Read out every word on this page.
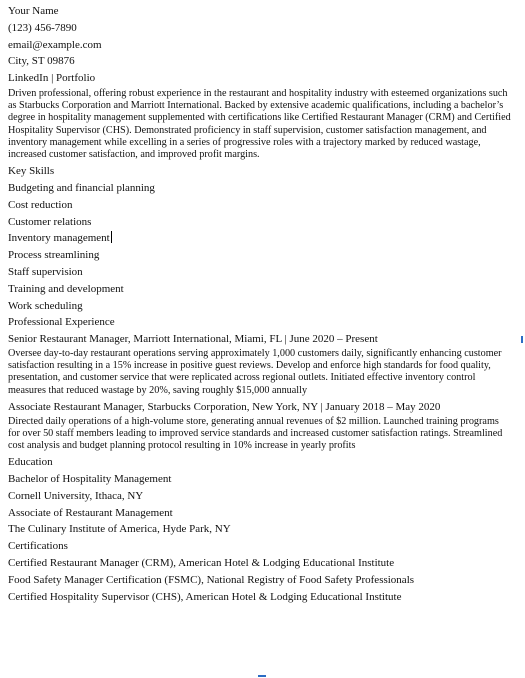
Your Name
(123) 456-7890
email@example.com
City, ST 09876
LinkedIn | Portfolio
Driven professional, offering robust experience in the restaurant and hospitality industry with esteemed organizations such as Starbucks Corporation and Marriott International. Backed by extensive academic qualifications, including a bachelor’s degree in hospitality management supplemented with certifications like Certified Restaurant Manager (CRM) and Certified Hospitality Supervisor (CHS). Demonstrated proficiency in staff supervision, customer satisfaction management, and inventory management while excelling in a series of progressive roles with a trajectory marked by reduced wastage, increased customer satisfaction, and improved profit margins.
Key Skills
Budgeting and financial planning
Cost reduction
Customer relations
Inventory management
Process streamlining
Staff supervision
Training and development
Work scheduling
Professional Experience
Senior Restaurant Manager, Marriott International, Miami, FL | June 2020 – Present
Oversee day-to-day restaurant operations serving approximately 1,000 customers daily, significantly enhancing customer satisfaction resulting in a 15% increase in positive guest reviews. Develop and enforce high standards for food quality, presentation, and customer service that were replicated across regional outlets. Initiated effective inventory control measures that reduced wastage by 20%, saving roughly $15,000 annually
Associate Restaurant Manager, Starbucks Corporation, New York, NY | January 2018 – May 2020
Directed daily operations of a high-volume store, generating annual revenues of $2 million. Launched training programs for over 50 staff members leading to improved service standards and increased customer satisfaction ratings. Streamlined cost analysis and budget planning protocol resulting in 10% increase in yearly profits
Education
Bachelor of Hospitality Management
Cornell University, Ithaca, NY
Associate of Restaurant Management
The Culinary Institute of America, Hyde Park, NY
Certifications
Certified Restaurant Manager (CRM), American Hotel & Lodging Educational Institute
Food Safety Manager Certification (FSMC), National Registry of Food Safety Professionals
Certified Hospitality Supervisor (CHS), American Hotel & Lodging Educational Institute
